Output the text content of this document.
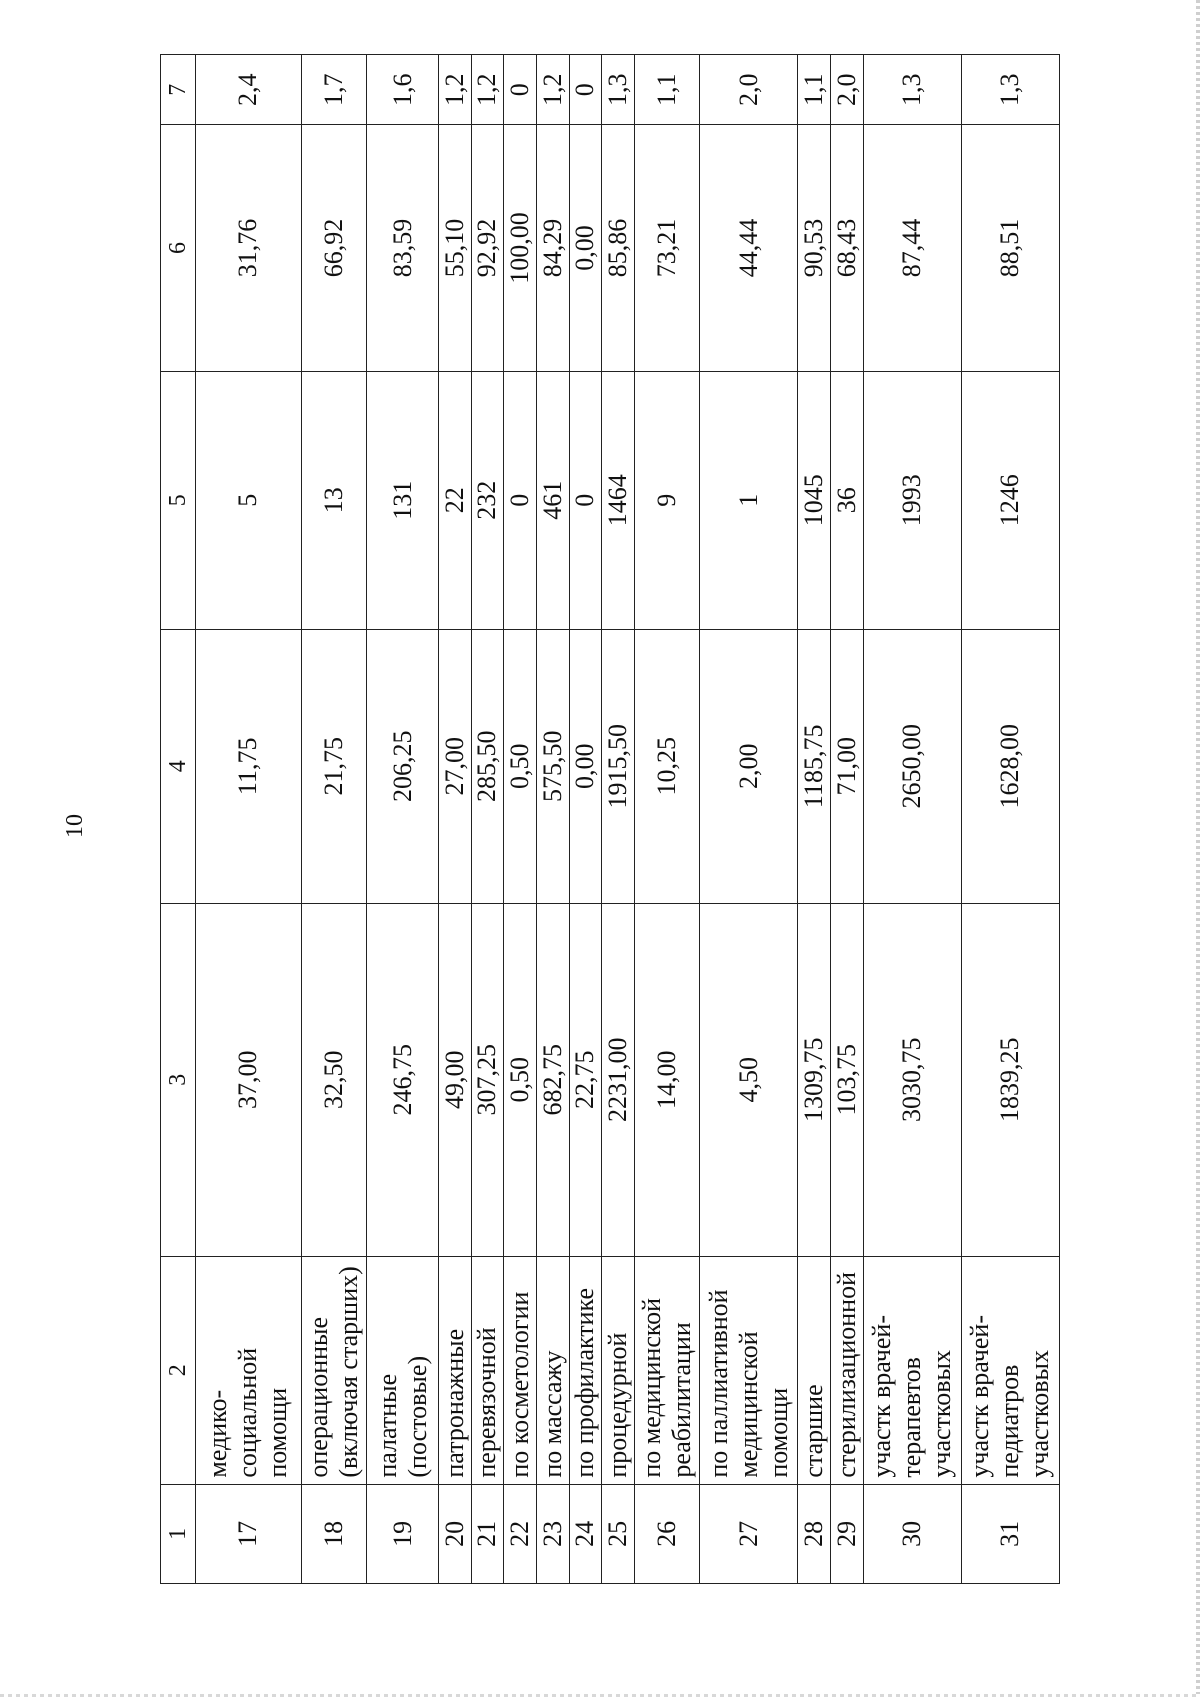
10
1	2	3	4	5	6	7
17	медико-
социальной
помощи	37,00	11,75	5	31,76	2,4
18	операционные
(включая старших)	32,50	21,75	13	66,92	1,7
19	палатные
(постовые)	246,75	206,25	131	83,59	1,6
20	патронажные	49,00	27,00	22	55,10	1,2
21	перевязочной	307,25	285,50	232	92,92	1,2
22	по косметологии	0,50	0,50	0	100,00	0
23	по массажу	682,75	575,50	461	84,29	1,2
24	по профилактике	22,75	0,00	0	0,00	0
25	процедурной	2231,00	1915,50	1464	85,86	1,3
26	по медицинской
реабилитации	14,00	10,25	9	73,21	1,1
27	по паллиативной
медицинской
помощи	4,50	2,00	1	44,44	2,0
28	старшие	1309,75	1185,75	1045	90,53	1,1
29	стерилизационной	103,75	71,00	36	68,43	2,0
30	участк врачей-
терапевтов
участковых	3030,75	2650,00	1993	87,44	1,3
31	участк врачей-
педиатров
участковых	1839,25	1628,00	1246	88,51	1,3
